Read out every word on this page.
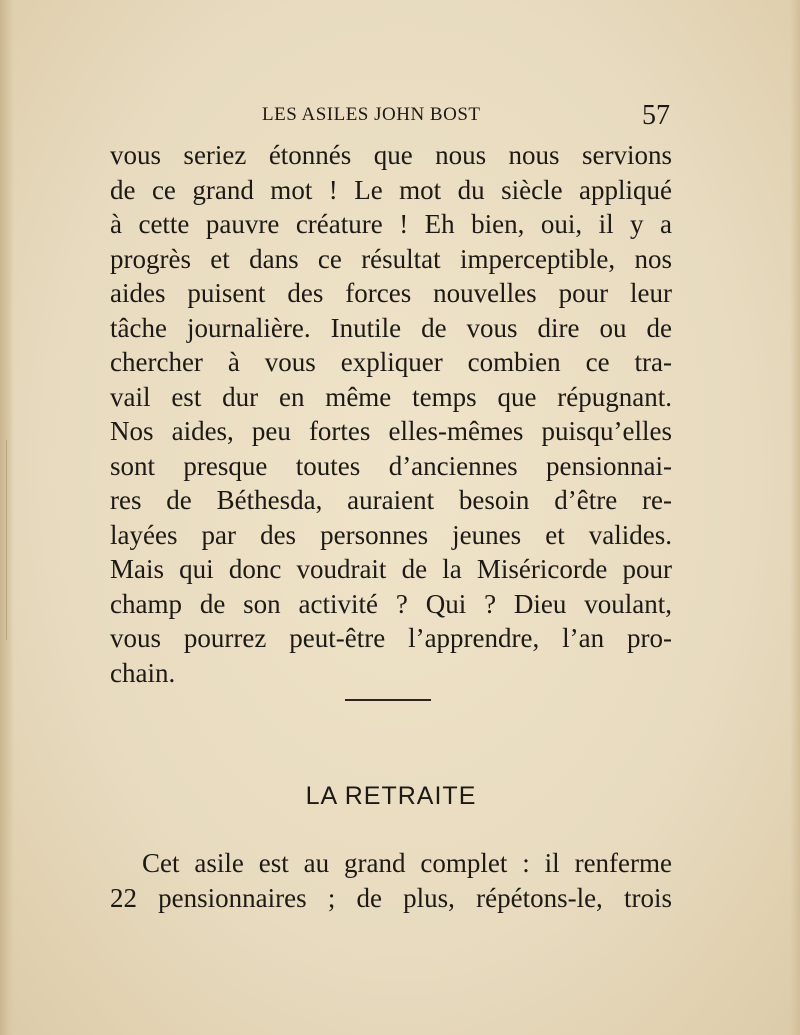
LES ASILES JOHN BOST	57
vous seriez étonnés que nous nous servions
de ce grand mot ! Le mot du siècle appliqué
à cette pauvre créature ! Eh bien, oui, il y a
progrès et dans ce résultat imperceptible, nos
aides puisent des forces nouvelles pour leur
tâche journalière. Inutile de vous dire ou de
chercher à vous expliquer combien ce tra-
vail est dur en même temps que répugnant.
Nos aides, peu fortes elles-mêmes puisqu’elles
sont presque toutes d’anciennes pensionnai-
res de Béthesda, auraient besoin d’être re-
layées par des personnes jeunes et valides.
Mais qui donc voudrait de la Miséricorde pour
champ de son activité ? Qui ? Dieu voulant,
vous pourrez peut-être l’apprendre, l’an pro-
chain.
LA RETRAITE
Cet asile est au grand complet : il renferme
22 pensionnaires ; de plus, répétons-le, trois
